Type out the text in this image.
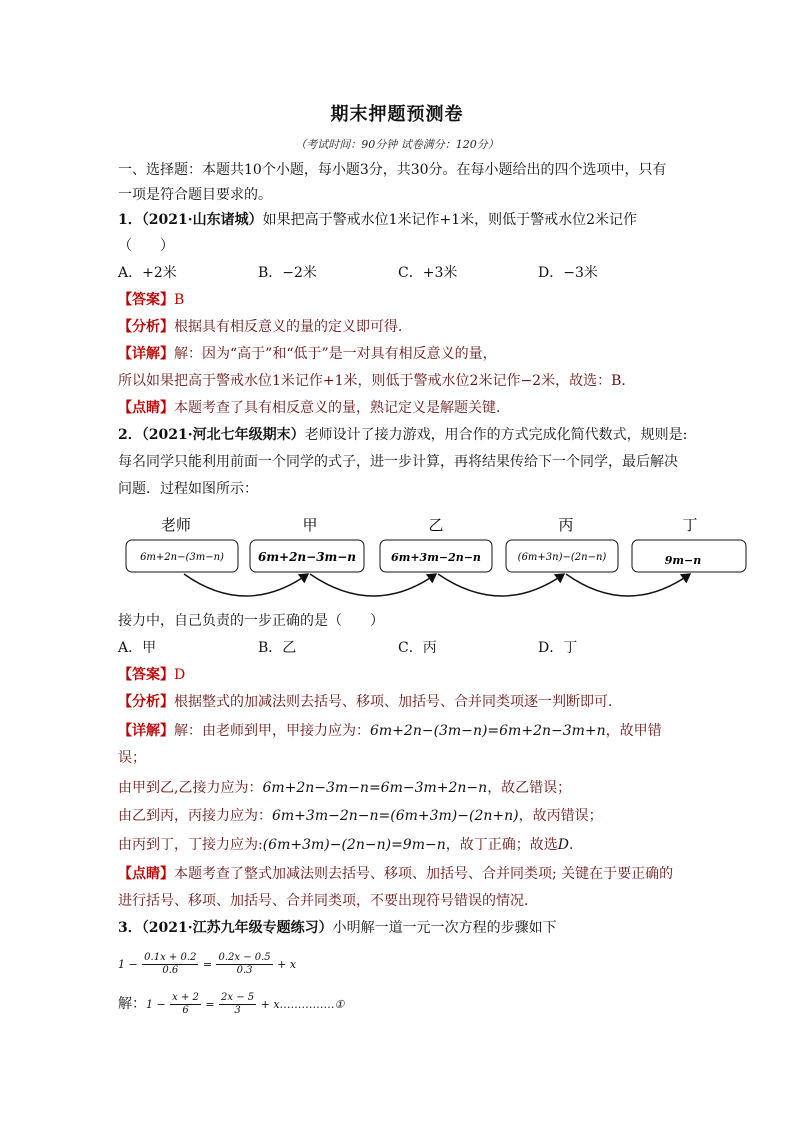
期末押题预测卷
（考试时间：90分钟 试卷满分：120分）
一、选择题：本题共10个小题，每小题3分，共30分。在每小题给出的四个选项中，只有
一项是符合题目要求的。
1．（2021·山东诸城）如果把高于警戒水位1米记作+1米，则低于警戒水位2米记作
（　　）
A．+2米	B．−2米	C．+3米	D．−3米
【答案】B
【分析】根据具有相反意义的量的定义即可得．
【详解】解：因为“高于”和“低于”是一对具有相反意义的量，
所以如果把高于警戒水位1米记作+1米，则低于警戒水位2米记作−2米，故选：B．
【点睛】本题考查了具有相反意义的量，熟记定义是解题关键．
2．（2021·河北七年级期末）老师设计了接力游戏，用合作的方式完成化简代数式，规则是:
每名同学只能利用前面一个同学的式子，进一步计算，再将结果传给下一个同学，最后解决
问题．过程如图所示：
老师	甲	乙	丙	丁
6m+2n−(3m−n)	6m+2n−3m−n	6m+3m−2n−n	(6m+3n)−(2n−n)	9m−n
接力中，自己负责的一步正确的是（　　）
A．甲	B．乙	C．丙	D．丁
【答案】D
【分析】根据整式的加减法则去括号、移项、加括号、合并同类项逐一判断即可．
【详解】解：由老师到甲，甲接力应为：6m+2n−(3m−n)=6m+2n−3m+n，故甲错
误；
由甲到乙,乙接力应为：6m+2n−3m−n=6m−3m+2n−n，故乙错误；
由乙到丙，丙接力应为：6m+3m−2n−n=(6m+3m)−(2n+n)，故丙错误；
由丙到丁，丁接力应为:(6m+3m)−(2n−n)=9m−n，故丁正确；故选D．
【点睛】本题考查了整式加减法则去括号、移项、加括号、合并同类项; 关键在于要正确的
进行括号、移项、加括号、合并同类项，不要出现符号错误的情况．
3．（2021·江苏九年级专题练习）小明解一道一元一次方程的步骤如下
$1 - \frac{0.1x + 0.2}{0.6} = \frac{0.2x - 0.5}{0.3} + x$
解：$1 - \frac{x + 2}{6} = \frac{2x - 5}{3}$ + x……………①
